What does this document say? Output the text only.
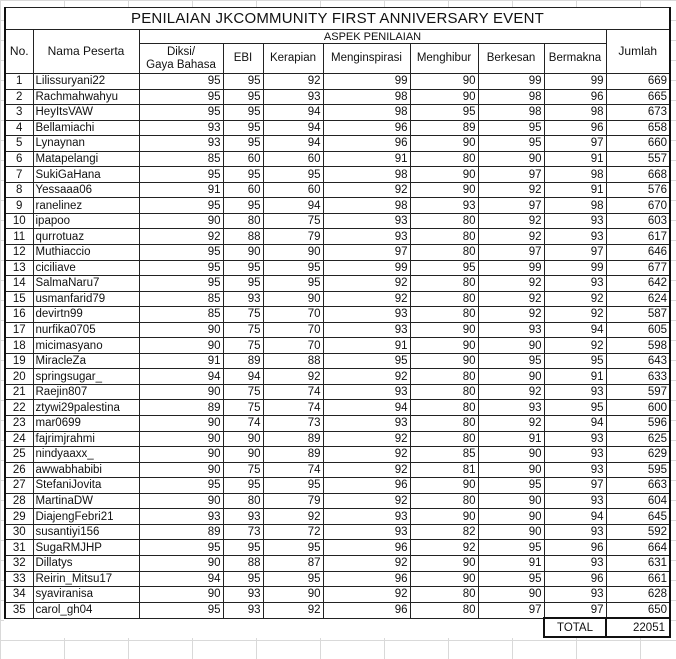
PENILAIAN JKCOMMUNITY FIRST ANNIVERSARY EVENT									
No.	Nama Peserta	ASPEK PENILAIAN							Jumlah

		Diksi/
Gaya Bahasa	EBI	Kerapian	Menginspirasi	Menghibur	Berkesan	Bermakna	
1	Lilissuryani22	95	95	92	99	90	99	99	669
2	Rachmahwahyu	95	95	93	98	90	98	96	665
3	HeyItsVAW	95	95	94	98	95	98	98	673
4	Bellamiachi	93	95	94	96	89	95	96	658
5	Lynaynan	93	95	94	96	90	95	97	660
6	Matapelangi	85	60	60	91	80	90	91	557
7	SukiGaHana	95	95	95	98	90	97	98	668
8	Yessaaa06	91	60	60	92	90	92	91	576
9	ranelinez	95	95	94	98	93	97	98	670
10	ipapoo	90	80	75	93	80	92	93	603
11	qurrotuaz	92	88	79	93	80	92	93	617
12	Muthiaccio	95	90	90	97	80	97	97	646
13	ciciliave	95	95	95	99	95	99	99	677
14	SalmaNaru7	95	95	95	92	80	92	93	642
15	usmanfarid79	85	93	90	92	80	92	92	624
16	devirtn99	85	75	70	93	80	92	92	587
17	nurfika0705	90	75	70	93	90	93	94	605
18	micimasyano	90	75	70	91	90	90	92	598
19	MiracleZa	91	89	88	95	90	95	95	643
20	springsugar_	94	94	92	92	80	90	91	633
21	Raejin807	90	75	74	93	80	92	93	597
22	ztywi29palestina	89	75	74	94	80	93	95	600
23	mar0699	90	74	73	93	80	92	94	596
24	fajrimjrahmi	90	90	89	92	80	91	93	625
25	nindyaaxx_	90	90	89	92	85	90	93	629
26	awwabhabibi	90	75	74	92	81	90	93	595
27	StefaniJovita	95	95	95	96	90	95	97	663
28	MartinaDW	90	80	79	92	80	90	93	604
29	DiajengFebri21	93	93	92	93	90	90	94	645
30	susantiyi156	89	73	72	93	82	90	93	592
31	SugaRMJHP	95	95	95	96	92	95	96	664
32	Dillatys	90	88	87	92	90	91	93	631
33	Reirin_Mitsu17	94	95	95	96	90	95	96	661
34	syaviranisa	90	93	90	92	80	90	93	628
35	carol_gh04	95	93	92	96	80	97	97	650
								TOTAL	22051
